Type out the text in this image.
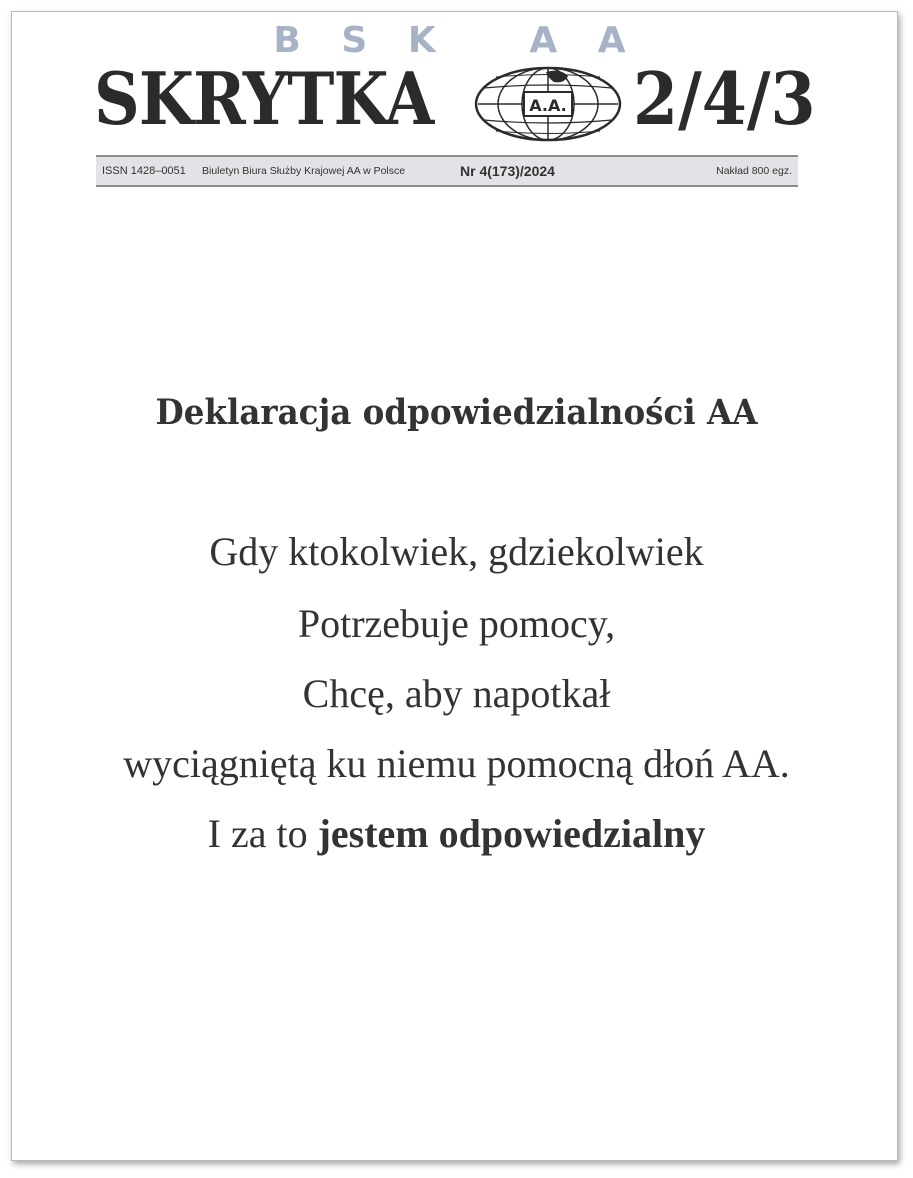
B S K   A A
SKRYTKA	A.A. 2/4/3
ISSN 1428–0051 Biuletyn Biura Służby Krajowej AA w Polsce	Nr 4(173)/2024	Nakład 800 egz.
Deklaracja odpowiedzialności AA
Gdy ktokolwiek, gdziekolwiek
Potrzebuje pomocy,
Chcę, aby napotkał
wyciągniętą ku niemu pomocną dłoń AA.
I za to jestem odpowiedzialny
